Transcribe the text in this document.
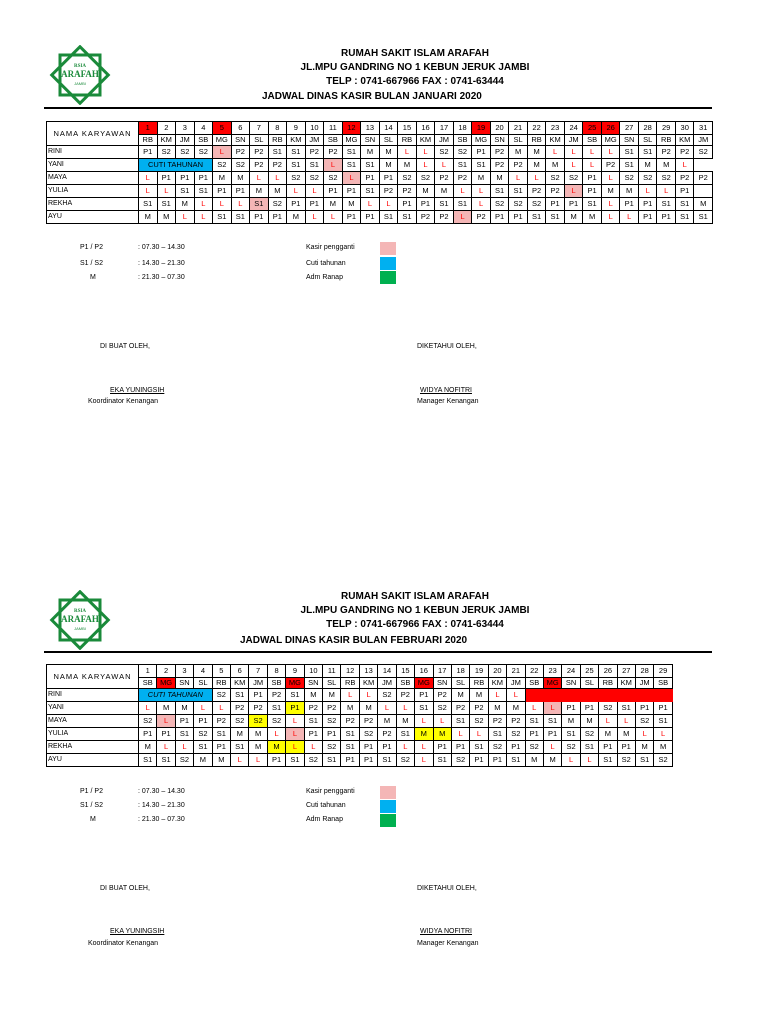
RSIA
ARAFAH
JAMBI
RUMAH SAKIT ISLAM ARAFAH
JL.MPU GANDRING NO 1 KEBUN JERUK JAMBI
TELP : 0741-667966 FAX : 0741-63444
JADWAL DINAS KASIR BULAN JANUARI 2020
NAMA KARYAWAN	1	2	3	4	5	6	7	8	9	10	11	12	13	14	15	16	17	18	19	20	21	22	23	24	25	26	27	28	29	30	31
	RB	KM	JM	SB	MG	SN	SL	RB	KM	JM	SB	MG	SN	SL	RB	KM	JM	SB	MG	SN	SL	RB	KM	JM	SB	MG	SN	SL	RB	KM	JM
RINI	P1	S2	S2	S2	L	P2	P2	S1	S1	P2	P2	S1	M	M	L	L	S2	S2	P1	P2	M	M	L	L	L	L	S1	S1	P2	P2	S2
YANI	CUTI TAHUNAN				S2	S2	P2	P2	S1	S1	L	S1	S1	M	M	L	L	S1	S1	P2	P2	M	M	L	L	P2	S1	M	M	L	
MAYA	L	P1	P1	P1	M	M	L	L	S2	S2	S2	L	P1	P1	S2	S2	P2	P2	M	M	L	L	S2	S2	P1	L	S2	S2	S2	P2	P2
YULIA	L	L	S1	S1	P1	P1	M	M	L	L	P1	P1	S1	P2	P2	M	M	L	L	S1	S1	P2	P2	L	P1	M	M	L	L	P1	
REKHA	S1	S1	M	L	L	L	S1	S2	P1	P1	M	M	L	L	P1	P1	S1	S1	L	S2	S2	S2	P1	P1	S1	L	P1	P1	S1	S1	M
AYU	M	M	L	L	S1	S1	P1	P1	M	L	L	P1	P1	S1	S1	P2	P2	L	P2	P1	P1	S1	S1	M	M	L	L	P1	P1	S1	S1
P1 / P2	: 07.30 – 14.30	Kasir pengganti
S1 / S2	: 14.30 – 21.30	Cuti tahunan
M	: 21.30 – 07.30	Adm Ranap
DI BUAT OLEH,	DIKETAHUI OLEH,
EKA YUNINGSIH	WIDYA NOFITRI
Koordinator Kenangan	Manager Kenangan
RSIA
ARAFAH
JAMBI
RUMAH SAKIT ISLAM ARAFAH
JL.MPU GANDRING NO 1 KEBUN JERUK JAMBI
TELP : 0741-667966 FAX : 0741-63444
JADWAL DINAS KASIR BULAN FEBRUARI 2020
NAMA KARYAWAN	1	2	3	4	5	6	7	8	9	10	11	12	13	14	15	16	17	18	19	20	21	22	23	24	25	26	27	28	29
	SB	MG	SN	SL	RB	KM	JM	SB	MG	SN	SL	RB	KM	JM	SB	MG	SN	SL	RB	KM	JM	SB	MG	SN	SL	RB	KM	JM	SB
RINI	CUTI TAHUNAN				S2	S1	P1	P2	S1	M	M	L	L	S2	P2	P1	P2	M	M	L	L								
YANI	L	M	M	L	L	P2	P2	S1	P1	P2	P2	M	M	L	L	S1	S2	P2	P2	M	M	L	L	P1	P1	S2	S1	P1	P1
MAYA	S2	L	P1	P1	P2	S2	S2	S2	L	S1	S2	P2	P2	M	M	L	L	S1	S2	P2	P2	S1	S1	M	M	L	L	S2	S1
YULIA	P1	P1	S1	S2	S1	M	M	L	L	P1	P1	S1	S2	P2	S1	M	M	L	L	S1	S2	P1	P1	S1	S2	M	M	L	L
REKHA	M	L	L	S1	P1	S1	M	M	L	L	S2	S1	P1	P1	L	L	P1	P1	S1	S2	P1	S2	L	S2	S1	P1	P1	M	M
AYU	S1	S1	S2	M	M	L	L	P1	S1	S2	S1	P1	P1	S1	S2	L	S1	S2	P1	P1	S1	M	M	L	L	S1	S2	S1	S2
P1 / P2	: 07.30 – 14.30	Kasir pengganti
S1 / S2	: 14.30 – 21.30	Cuti tahunan
M	: 21.30 – 07.30	Adm Ranap
DI BUAT OLEH,	DIKETAHUI OLEH,
EKA YUNINGSIH	WIDYA NOFITRI
Koordinator Kenangan	Manager Kenangan
